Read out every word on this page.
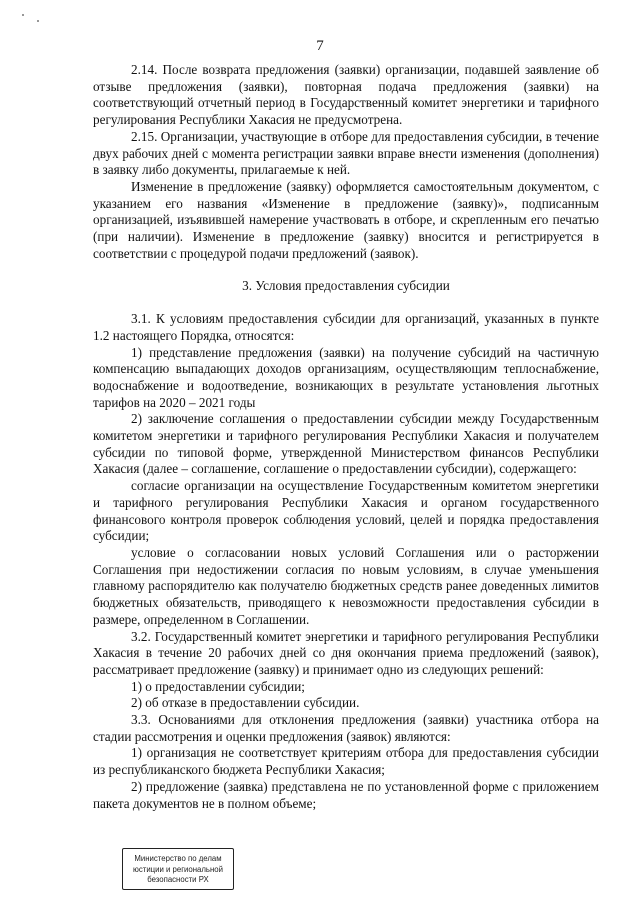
7

2.14. После возврата предложения (заявки) организации, подавшей заявление об отзыве предложения (заявки), повторная подача предложения (заявки) на соответствующий отчетный период в Государственный комитет энергетики и тарифного регулирования Республики Хакасия не предусмотрена.

2.15. Организации, участвующие в отборе для предоставления субсидии, в течение двух рабочих дней с момента регистрации заявки вправе внести изменения (дополнения) в заявку либо документы, прилагаемые к ней.

Изменение в предложение (заявку) оформляется самостоятельным документом, с указанием его названия «Изменение в предложение (заявку)», подписанным организацией, изъявившей намерение участвовать в отборе, и скрепленным его печатью (при наличии). Изменение в предложение (заявку) вносится и регистрируется в соответствии с процедурой подачи предложений (заявок).

3. Условия предоставления субсидии

3.1. К условиям предоставления субсидии для организаций, указанных в пункте 1.2 настоящего Порядка, относятся:

1) представление предложения (заявки) на получение субсидий на частичную компенсацию выпадающих доходов организациям, осуществляющим теплоснабжение, водоснабжение и водоотведение, возникающих в результате установления льготных тарифов на 2020 – 2021 годы

2) заключение соглашения о предоставлении субсидии между Государственным комитетом энергетики и тарифного регулирования Республики Хакасия и получателем субсидии по типовой форме, утвержденной Министерством финансов Республики Хакасия (далее – соглашение, соглашение о предоставлении субсидии), содержащего:

согласие организации на осуществление Государственным комитетом энергетики и тарифного регулирования Республики Хакасия и органом государственного финансового контроля проверок соблюдения условий, целей и порядка предоставления субсидии;

условие о согласовании новых условий Соглашения или о расторжении Соглашения при недостижении согласия по новым условиям, в случае уменьшения главному распорядителю как получателю бюджетных средств ранее доведенных лимитов бюджетных обязательств, приводящего к невозможности предоставления субсидии в размере, определенном в Соглашении.

3.2. Государственный комитет энергетики и тарифного регулирования Республики Хакасия в течение 20 рабочих дней со дня окончания приема предложений (заявок), рассматривает предложение (заявку) и принимает одно из следующих решений:

1) о предоставлении субсидии;

2) об отказе в предоставлении субсидии.

3.3. Основаниями для отклонения предложения (заявки) участника отбора на стадии рассмотрения и оценки предложения (заявок) являются:

1) организация не соответствует критериям отбора для предоставления субсидии из республиканского бюджета Республики Хакасия;

2) предложение (заявка) представлена не по установленной форме с приложением пакета документов не в полном объеме;

Министерство по делам
юстиции и региональной
безопасности РХ
